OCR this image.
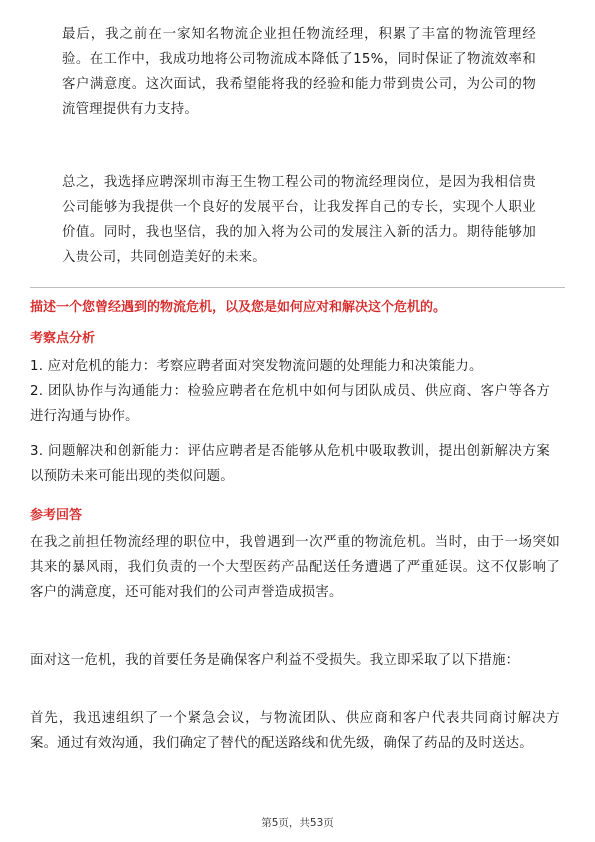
最后，我之前在一家知名物流企业担任物流经理，积累了丰富的物流管理经验。在工作中，我成功地将公司物流成本降低了15%，同时保证了物流效率和客户满意度。这次面试，我希望能将我的经验和能力带到贵公司，为公司的物流管理提供有力支持。
总之，我选择应聘深圳市海王生物工程公司的物流经理岗位，是因为我相信贵公司能够为我提供一个良好的发展平台，让我发挥自己的专长，实现个人职业价值。同时，我也坚信，我的加入将为公司的发展注入新的活力。期待能够加入贵公司，共同创造美好的未来。
描述一个您曾经遇到的物流危机，以及您是如何应对和解决这个危机的。
考察点分析
1. 应对危机的能力：考察应聘者面对突发物流问题的处理能力和决策能力。
2. 团队协作与沟通能力：检验应聘者在危机中如何与团队成员、供应商、客户等各方进行沟通与协作。
3. 问题解决和创新能力：评估应聘者是否能够从危机中吸取教训，提出创新解决方案以预防未来可能出现的类似问题。
参考回答
在我之前担任物流经理的职位中，我曾遇到一次严重的物流危机。当时，由于一场突如其来的暴风雨，我们负责的一个大型医药产品配送任务遭遇了严重延误。这不仅影响了客户的满意度，还可能对我们的公司声誉造成损害。
面对这一危机，我的首要任务是确保客户利益不受损失。我立即采取了以下措施：
首先，我迅速组织了一个紧急会议，与物流团队、供应商和客户代表共同商讨解决方案。通过有效沟通，我们确定了替代的配送路线和优先级，确保了药品的及时送达。
第5页，共53页
